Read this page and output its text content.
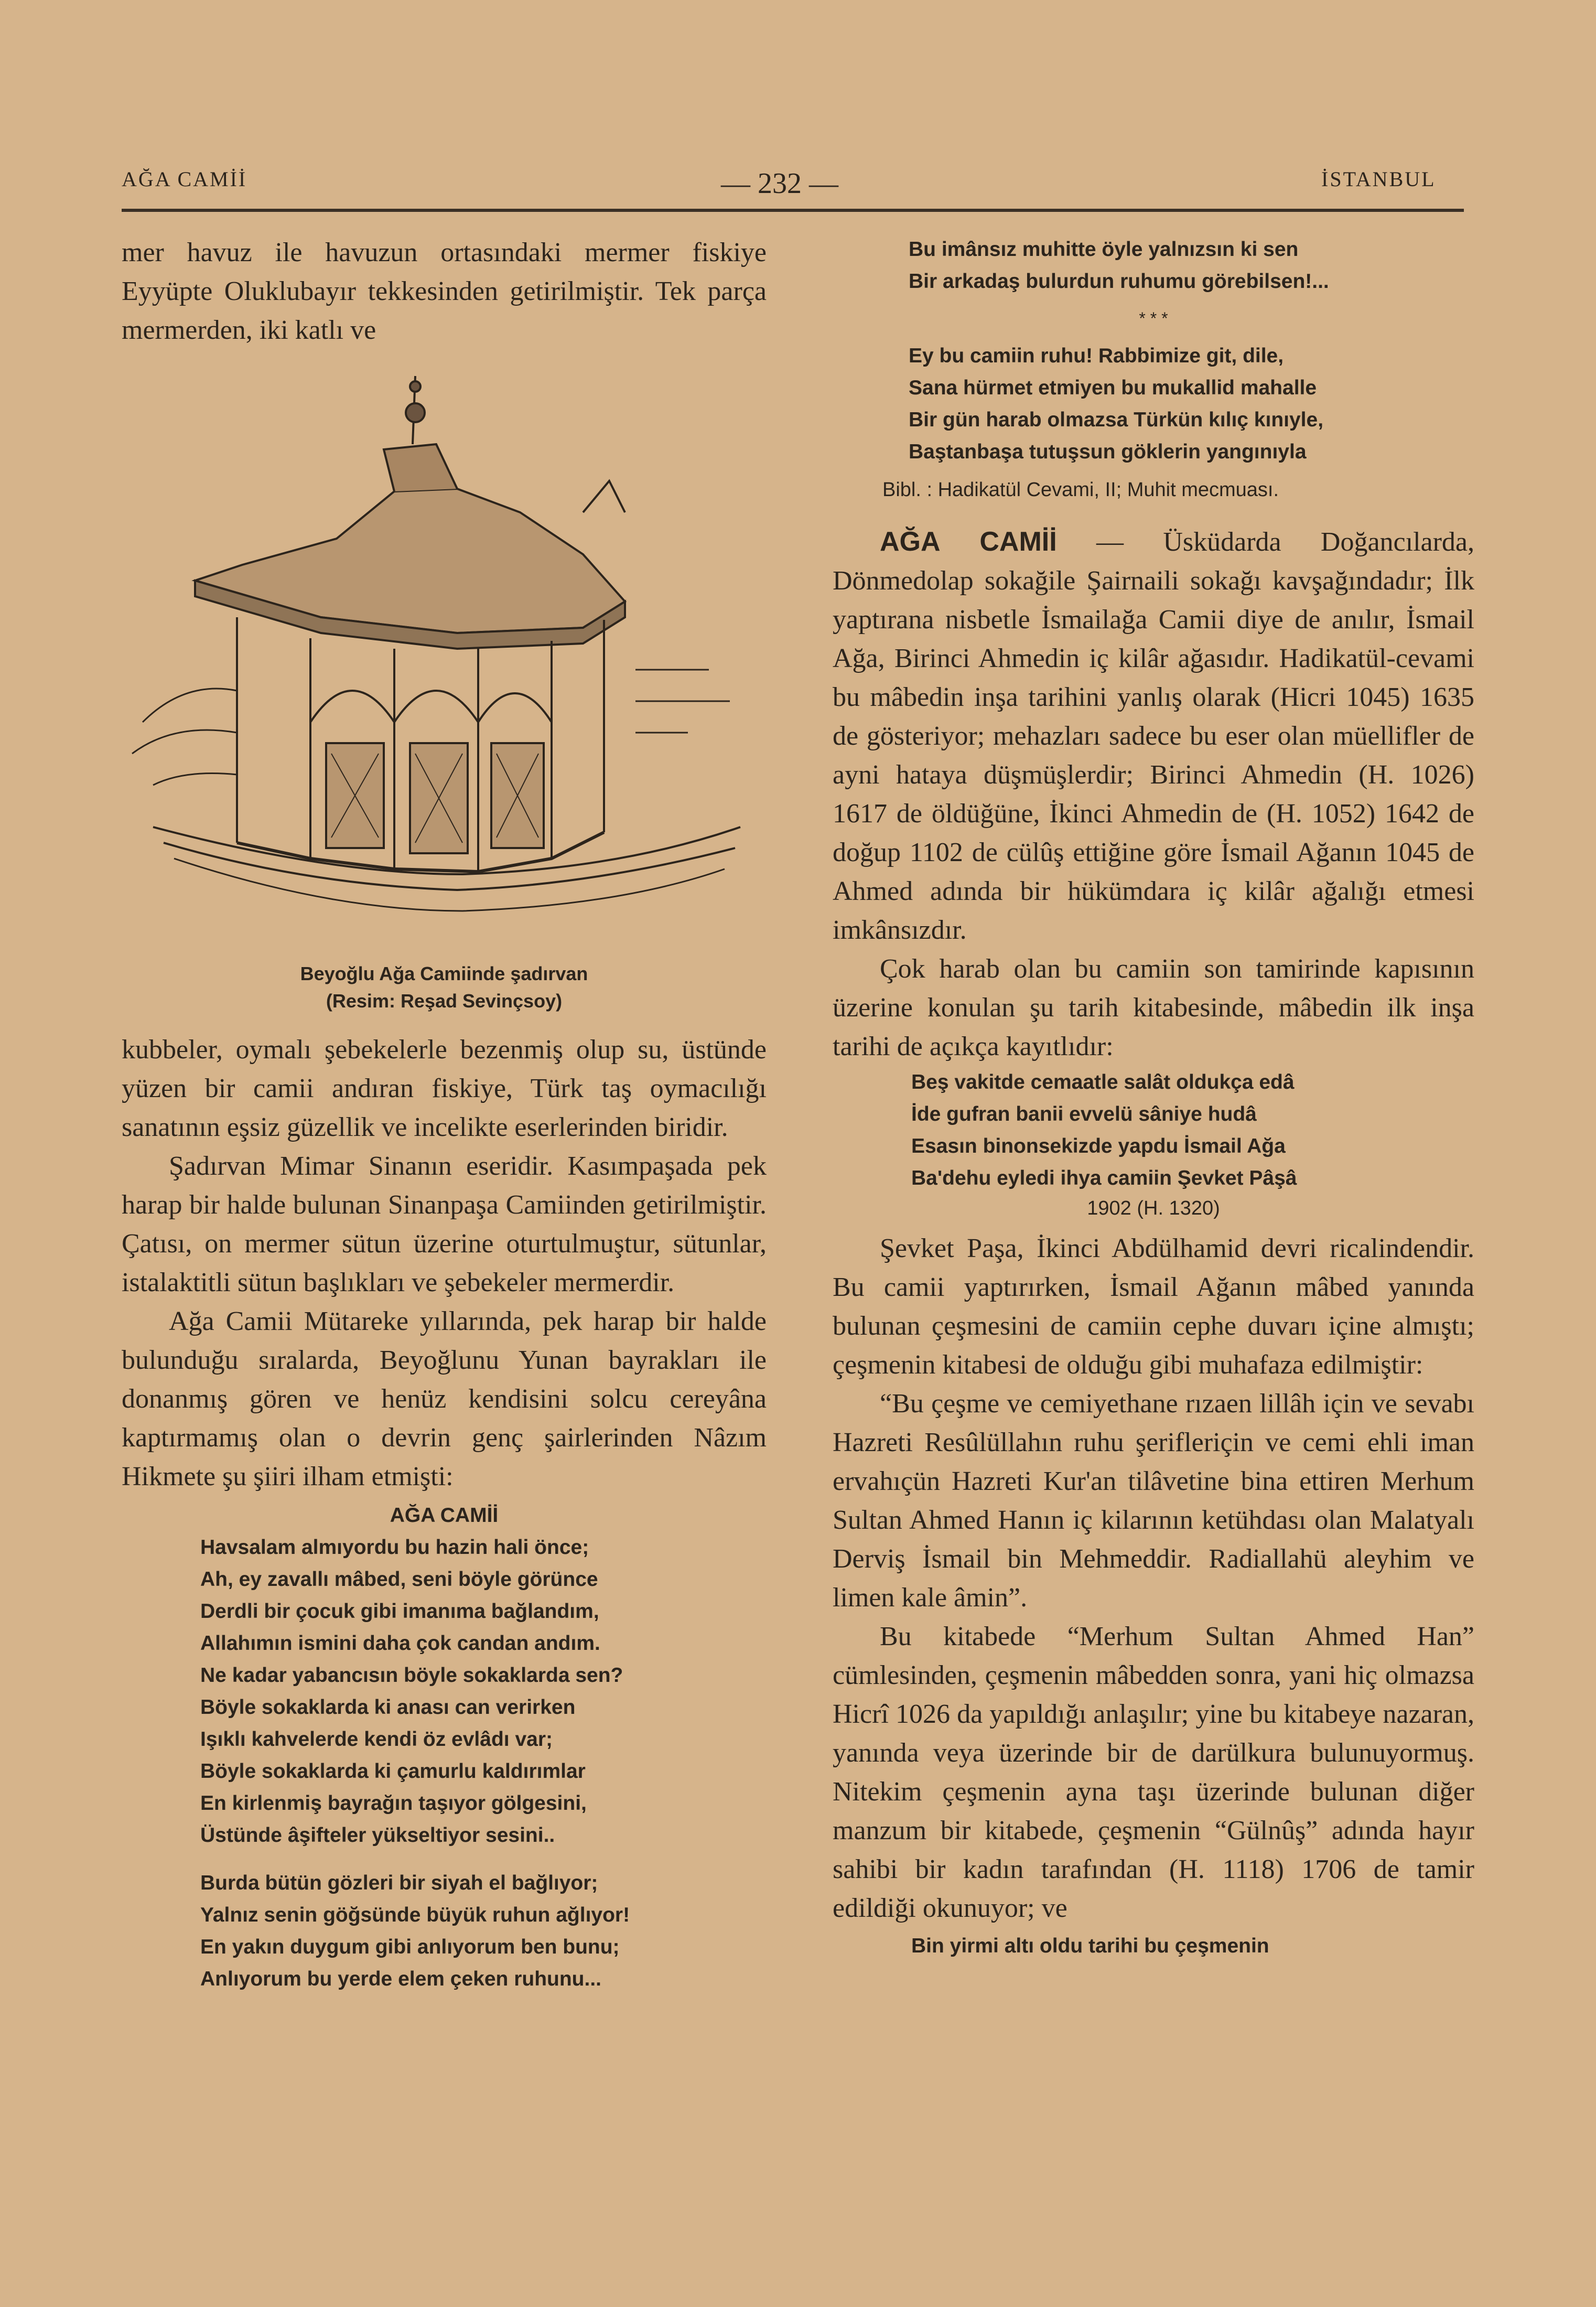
AĞA CAMİİ	— 232 —	İSTANBUL

mer havuz ile havuzun ortasındaki mermer fiskiye Eyyüpte Oluklubayır tekkesinden getirilmiştir. Tek parça mermerden, iki katlı ve

Beyoğlu Ağa Camiinde şadırvan
(Resim: Reşad Sevinçsoy)

kubbeler, oymalı şebekelerle bezenmiş olup su, üstünde yüzen bir camii andıran fiskiye, Türk taş oymacılığı sanatının eşsiz güzellik ve incelikte eserlerinden biridir.

Şadırvan Mimar Sinanın eseridir. Kasımpaşada pek harap bir halde bulunan Sinanpaşa Camiinden getirilmiştir. Çatısı, on mermer sütun üzerine oturtulmuştur, sütunlar, istalaktitli sütun başlıkları ve şebekeler mermerdir.

Ağa Camii Mütareke yıllarında, pek harap bir halde bulunduğu sıralarda, Beyoğlunu Yunan bayrakları ile donanmış gören ve henüz kendisini solcu cereyâna kaptırmamış olan o devrin genç şairlerinden Nâzım Hikmete şu şiiri ilham etmişti:

AĞA CAMİİ
Havsalam almıyordu bu hazin hali önce;
Ah, ey zavallı mâbed, seni böyle görünce
Derdli bir çocuk gibi imanıma bağlandım,
Allahımın ismini daha çok candan andım.
Ne kadar yabancısın böyle sokaklarda sen?
Böyle sokaklarda ki anası can verirken
Işıklı kahvelerde kendi öz evlâdı var;
Böyle sokaklarda ki çamurlu kaldırımlar
En kirlenmiş bayrağın taşıyor gölgesini,
Üstünde âşifteler yükseltiyor sesini..
Burda bütün gözleri bir siyah el bağlıyor;
Yalnız senin göğsünde büyük ruhun ağlıyor!
En yakın duygum gibi anlıyorum ben bunu;
Anlıyorum bu yerde elem çeken ruhunu...
Bu imânsız muhitte öyle yalnızsın ki sen
Bir arkadaş bulurdun ruhumu görebilsen!...
* * *
Ey bu camiin ruhu! Rabbimize git, dile,
Sana hürmet etmiyen bu mukallid mahalle
Bir gün harab olmazsa Türkün kılıç kınıyle,
Baştanbaşa tutuşsun göklerin yangınıyla
Bibl. : Hadikatül Cevami, II; Muhit mecmuası.

AĞA CAMİİ — Üsküdarda Doğancılarda, Dönmedolap sokağile Şairnaili sokağı kavşağındadır; İlk yaptırana nisbetle İsmailağa Camii diye de anılır, İsmail Ağa, Birinci Ahmedin iç kilâr ağasıdır. Hadikatül-cevami bu mâbedin inşa tarihini yanlış olarak (Hicri 1045) 1635 de gösteriyor; mehazları sadece bu eser olan müellifler de ayni hataya düşmüşlerdir; Birinci Ahmedin (H. 1026) 1617 de öldüğüne, İkinci Ahmedin de (H. 1052) 1642 de doğup 1102 de cülûş ettiğine göre İsmail Ağanın 1045 de Ahmed adında bir hükümdara iç kilâr ağalığı etmesi imkânsızdır.

Çok harab olan bu camiin son tamirinde kapısının üzerine konulan şu tarih kitabesinde, mâbedin ilk inşa tarihi de açıkça kayıtlıdır:

Beş vakitde cemaatle salât oldukça edâ
İde gufran banii evvelü sâniye hudâ
Esasın binonsekizde yapdu İsmail Ağa
Ba'dehu eyledi ihya camiin Şevket Pâşâ
1902 (H. 1320)

Şevket Paşa, İkinci Abdülhamid devri ricalindendir. Bu camii yaptırırken, İsmail Ağanın mâbed yanında bulunan çeşmesini de camiin cephe duvarı içine almıştı; çeşmenin kitabesi de olduğu gibi muhafaza edilmiştir:

“Bu çeşme ve cemiyethane rızaen lillâh için ve sevabı Hazreti Resûlüllahın ruhu şerifleriçin ve cemi ehli iman ervahıçün Hazreti Kur'an tilâvetine bina ettiren Merhum Sultan Ahmed Hanın iç kilarının ketühdası olan Malatyalı Derviş İsmail bin Mehmeddir. Radiallahü aleyhim ve limen kale âmin”.

Bu kitabede “Merhum Sultan Ahmed Han” cümlesinden, çeşmenin mâbedden sonra, yani hiç olmazsa Hicrî 1026 da yapıldığı anlaşılır; yine bu kitabeye nazaran, yanında veya üzerinde bir de darülkura bulunuyormuş. Nitekim çeşmenin ayna taşı üzerinde bulunan diğer manzum bir kitabede, çeşmenin “Gülnûş” adında hayır sahibi bir kadın tarafından (H. 1118) 1706 de tamir edildiği okunuyor; ve

Bin yirmi altı oldu tarihi bu çeşmenin
